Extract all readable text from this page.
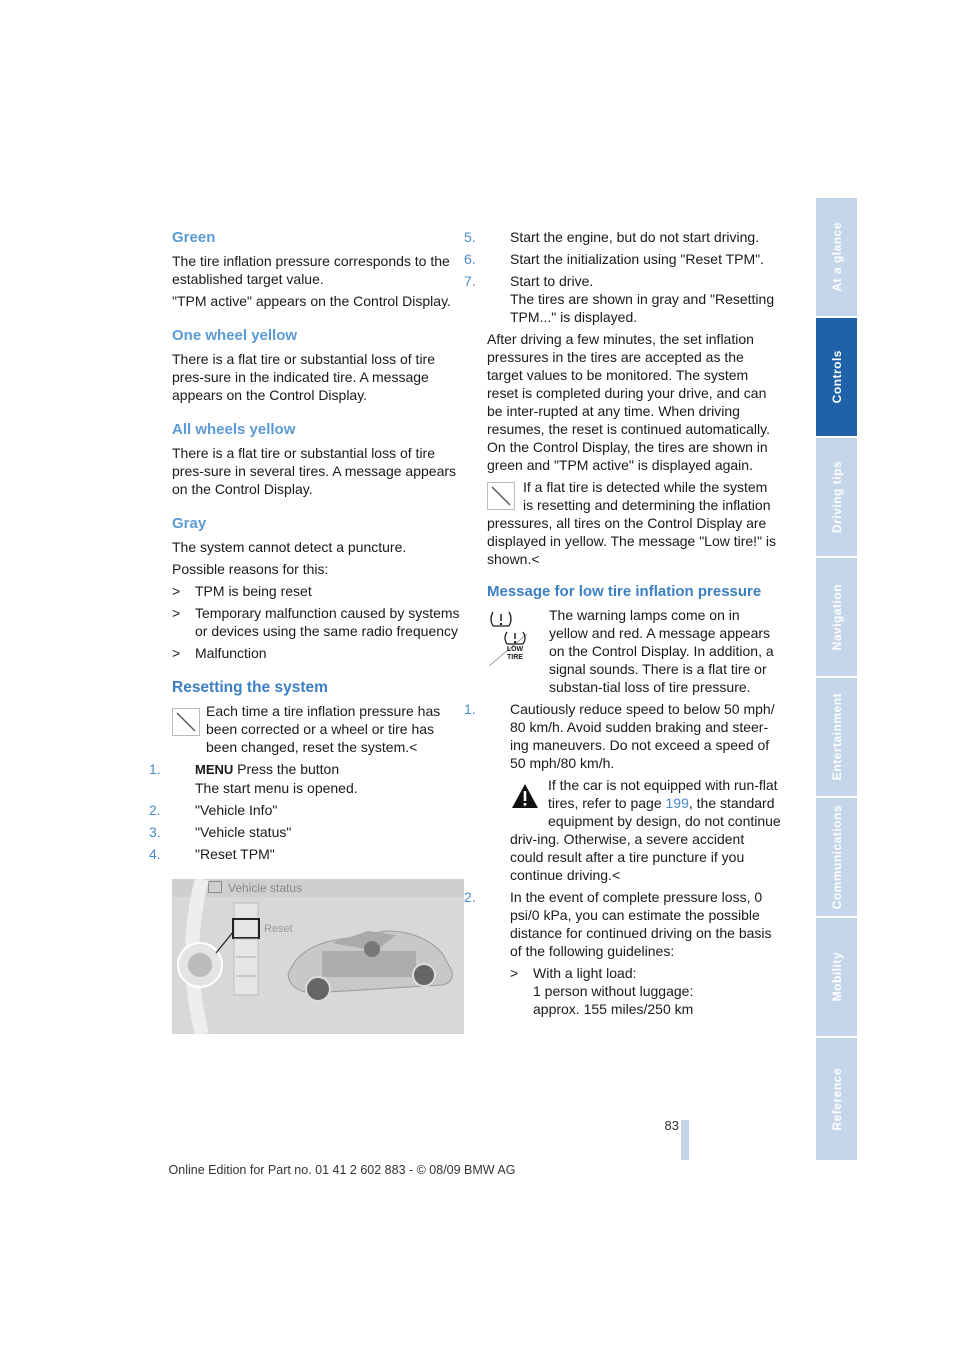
Green

The tire inflation pressure corresponds to the established target value.

"TPM active" appears on the Control Display.

One wheel yellow

There is a flat tire or substantial loss of tire pres-sure in the indicated tire. A message appears on the Control Display.

All wheels yellow

There is a flat tire or substantial loss of tire pres-sure in several tires. A message appears on the Control Display.

Gray

The system cannot detect a puncture.

Possible reasons for this:

> TPM is being reset
> Temporary malfunction caused by systems or devices using the same radio frequency
> Malfunction
Resetting the system
Each time a tire inflation pressure has been corrected or a wheel or tire has been changed, reset the system.<
1.	MENU Press the button
The start menu is opened.
2. "Vehicle Info"
3. "Vehicle status"
4. "Reset TPM"
Vehicle status
Reset
5. Start the engine, but do not start driving.
6. Start the initialization using "Reset TPM".
7. Start to drive.
The tires are shown in gray and "Resetting TPM..." is displayed.

After driving a few minutes, the set inflation pressures in the tires are accepted as the target values to be monitored. The system reset is completed during your drive, and can be inter-rupted at any time. When driving resumes, the reset is continued automatically. On the Control Display, the tires are shown in green and "TPM active" is displayed again.

If a flat tire is detected while the system is resetting and determining the inflation pressures, all tires on the Control Display are displayed in yellow. The message "Low tire!" is shown.<
Message for low tire inflation pressure
LOW TIRE
The warning lamps come on in yellow and red. A message appears on the Control Display. In addition, a signal sounds. There is a flat tire or substan-tial loss of tire pressure.
1. Cautiously reduce speed to below 50 mph/ 80 km/h. Avoid sudden braking and steer-ing maneuvers. Do not exceed a speed of 50 mph/80 km/h.
If the car is not equipped with run-flat tires, refer to page 199, the standard equipment by design, do not continue driv-ing. Otherwise, a severe accident could result after a tire puncture if you continue driving.<
2. In the event of complete pressure loss, 0 psi/0 kPa, you can estimate the possible distance for continued driving on the basis of the following guidelines:
> With a light load:
1 person without luggage:
approx. 155 miles/250 km
At a glance
Controls
Driving tips
Navigation
Entertainment
Communications
Mobility
Reference
83
Online Edition for Part no. 01 41 2 602 883 - © 08/09 BMW AG
